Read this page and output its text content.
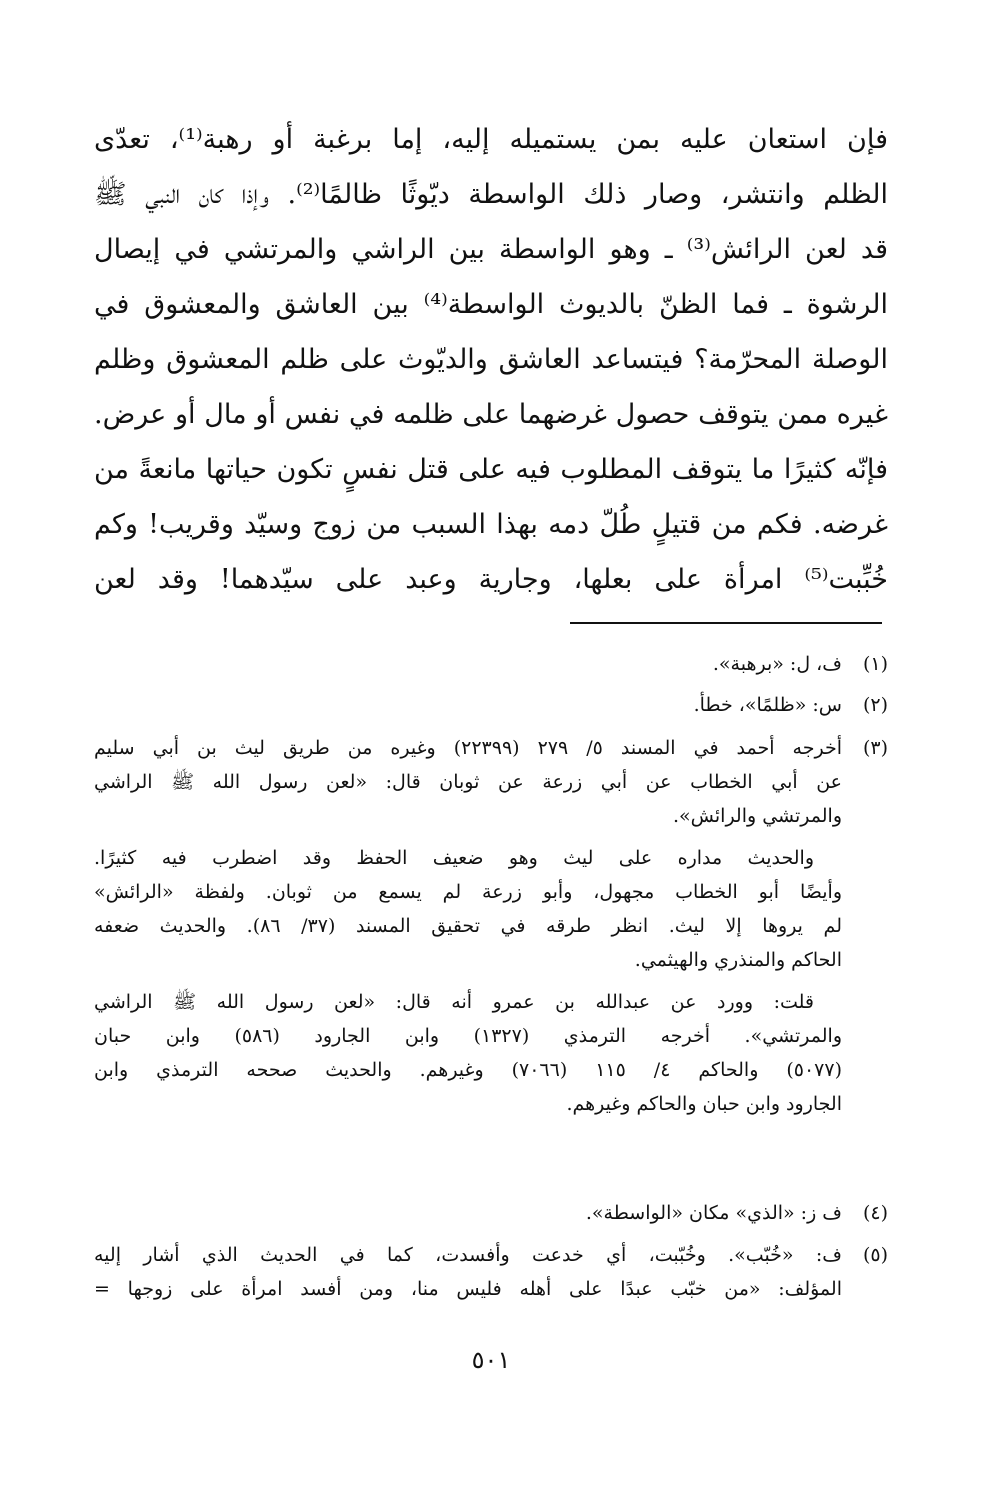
فإن استعان عليه بمن يستميله إليه، إما برغبة أو رهبة⁽¹⁾، تعدّى
الظلم وانتشر، وصار ذلك الواسطة ديّوثًا ظالمًا⁽²⁾. وإذا كان النبي ﷺ
قد لعن الرائش⁽³⁾ ـ وهو الواسطة بين الراشي والمرتشي في إيصال
الرشوة ـ فما الظنّ بالديوث الواسطة⁽⁴⁾ بين العاشق والمعشوق في
الوصلة المحرّمة؟ فيتساعد العاشق والديّوث على ظلم المعشوق وظلم
غيره ممن يتوقف حصول غرضهما على ظلمه في نفس أو مال أو عرض.
فإنّه كثيرًا ما يتوقف المطلوب فيه على قتل نفسٍ تكون حياتها مانعةً من
غرضه. فكم من قتيلٍ طُلّ دمه بهذا السبب من زوج وسيّد وقريب! وكم
خُبِّبت⁽⁵⁾ امرأة على بعلها، وجارية وعبد على سيّدهما! وقد لعن
(١)
ف، ل: «برهبة».
(٢)
س: «ظلمًا»، خطأ.
(٣)
أخرجه أحمد في المسند ٥/ ٢٧٩ (٢٢٣٩٩) وغيره من طريق ليث بن أبي سليم
عن أبي الخطاب عن أبي زرعة عن ثوبان قال: «لعن رسول الله ﷺ الراشي
والمرتشي والرائش».
والحديث مداره على ليث وهو ضعيف الحفظ وقد اضطرب فيه كثيرًا.
وأيضًا أبو الخطاب مجهول، وأبو زرعة لم يسمع من ثوبان. ولفظة «الرائش»
لم يروها إلا ليث. انظر طرقه في تحقيق المسند (٣٧/ ٨٦). والحديث ضعفه
الحاكم والمنذري والهيثمي.
قلت: وورد عن عبدالله بن عمرو أنه قال: «لعن رسول الله ﷺ الراشي
والمرتشي». أخرجه الترمذي (١٣٢٧) وابن الجارود (٥٨٦) وابن حبان
(٥٠٧٧) والحاكم ٤/ ١١٥ (٧٠٦٦) وغيرهم. والحديث صححه الترمذي وابن
الجارود وابن حبان والحاكم وغيرهم.
(٤)
ف ز: «الذي» مكان «الواسطة».
(٥)
ف: «خُبّب». وخُبّبت، أي خدعت وأفسدت، كما في الحديث الذي أشار إليه
المؤلف: «من خبّب عبدًا على أهله فليس منا، ومن أفسد امرأة على زوجها =
٥٠١
